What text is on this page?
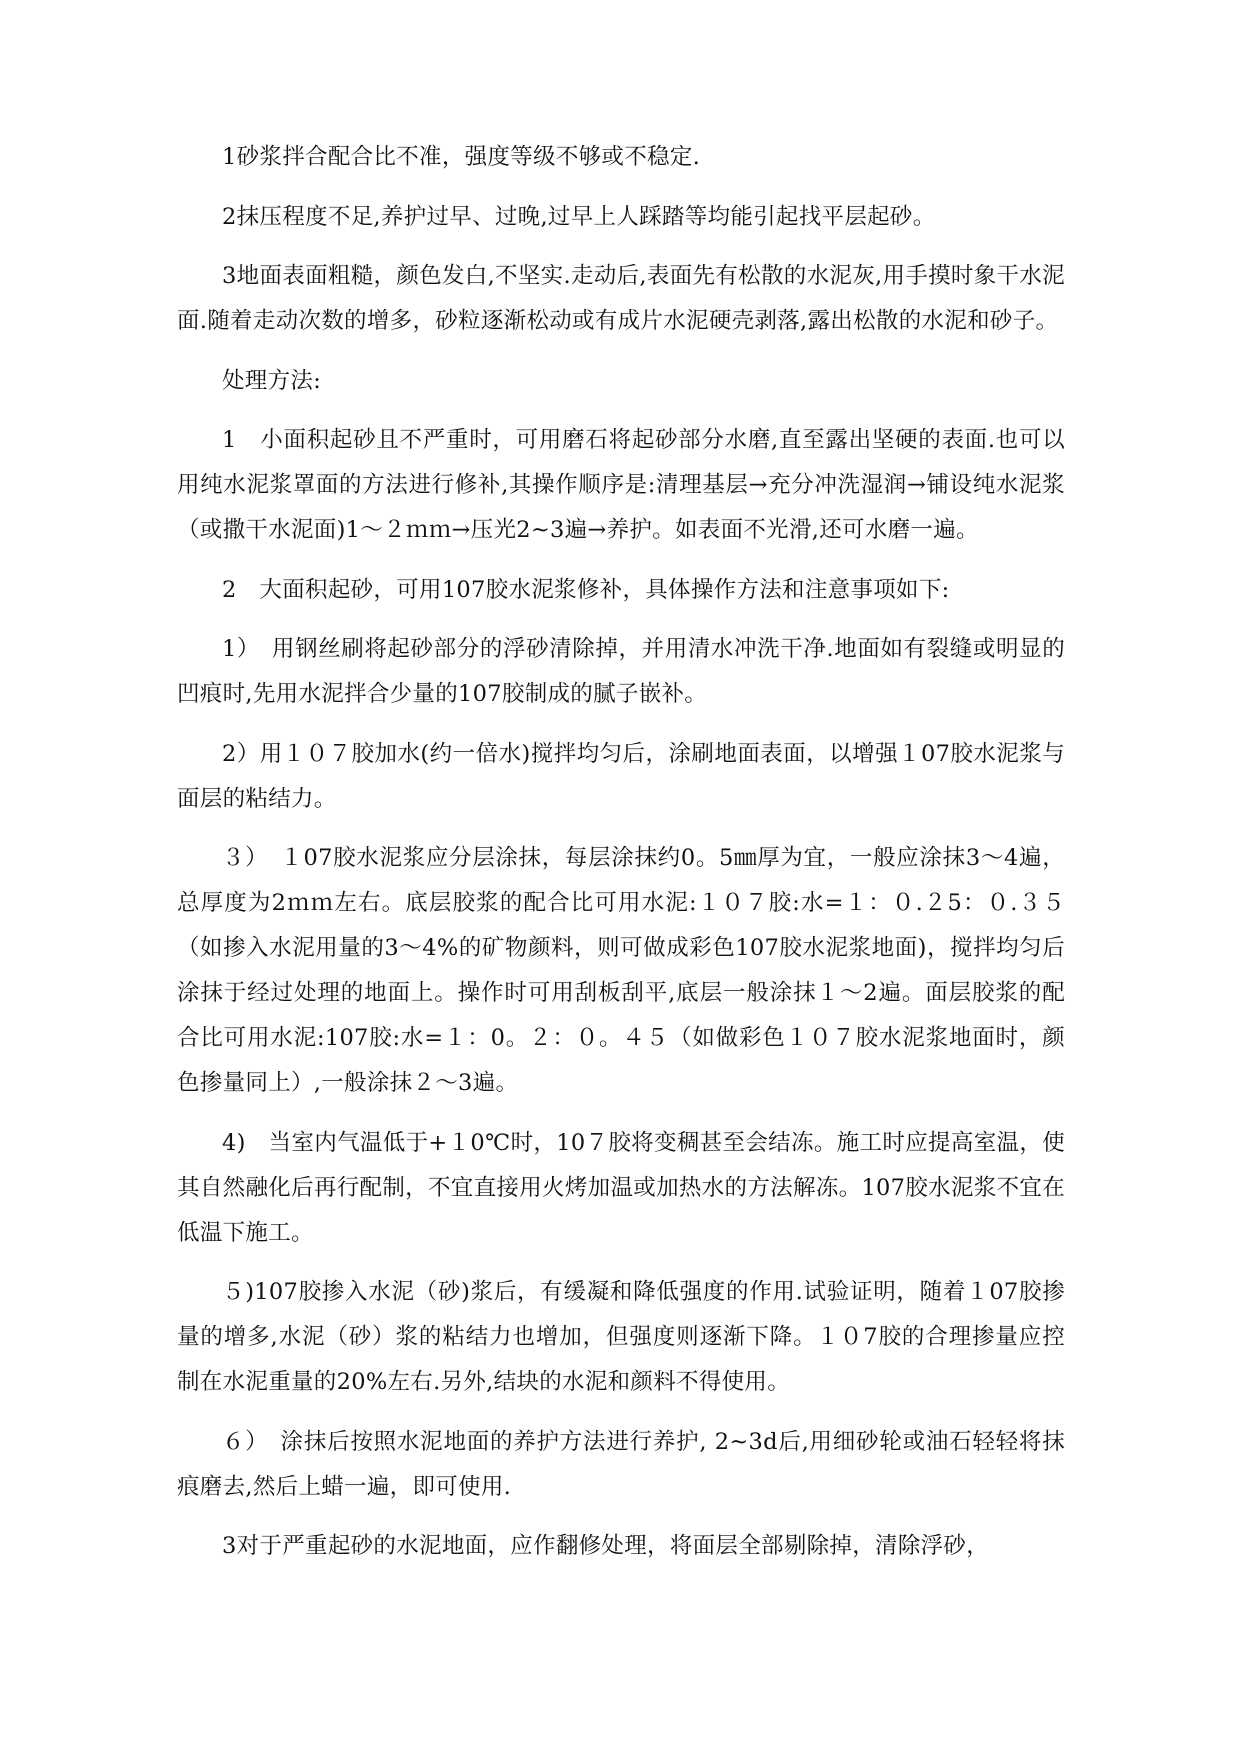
1砂浆拌合配合比不准，强度等级不够或不稳定.

2抹压程度不足,养护过早、过晚,过早上人踩踏等均能引起找平层起砂。

3地面表面粗糙，颜色发白,不坚实.走动后,表面先有松散的水泥灰,用手摸时象干水泥面.随着走动次数的增多，砂粒逐渐松动或有成片水泥硬壳剥落,露出松散的水泥和砂子。

处理方法:

1　小面积起砂且不严重时，可用磨石将起砂部分水磨,直至露出坚硬的表面.也可以用纯水泥浆罩面的方法进行修补,其操作顺序是:清理基层→充分冲洗湿润→铺设纯水泥浆（或撒干水泥面)1～２ｍｍ→压光2~3遍→养护。如表面不光滑,还可水磨一遍。

2　大面积起砂，可用107胶水泥浆修补，具体操作方法和注意事项如下:

1）　用钢丝刷将起砂部分的浮砂清除掉，并用清水冲洗干净.地面如有裂缝或明显的凹痕时,先用水泥拌合少量的107胶制成的腻子嵌补。

2）用１０７胶加水(约一倍水)搅拌均匀后，涂刷地面表面，以增强１07胶水泥浆与面层的粘结力。

３）　１07胶水泥浆应分层涂抹，每层涂抹约0。5㎜厚为宜，一般应涂抹3～4遍，总厚度为2ｍｍ左右。底层胶浆的配合比可用水泥:１０７胶:水=１：０.２5：０.３５（如掺入水泥用量的3～4%的矿物颜料，则可做成彩色107胶水泥浆地面)，搅拌均匀后涂抹于经过处理的地面上。操作时可用刮板刮平,底层一般涂抹１～2遍。面层胶浆的配合比可用水泥:107胶:水=１：0。２：０。４５（如做彩色１０７胶水泥浆地面时，颜色掺量同上）,一般涂抹２～3遍。

4)　当室内气温低于+１0℃时，10７胶将变稠甚至会结冻。施工时应提高室温，使其自然融化后再行配制，不宜直接用火烤加温或加热水的方法解冻。107胶水泥浆不宜在低温下施工。

５)107胶掺入水泥（砂)浆后，有缓凝和降低强度的作用.试验证明，随着１07胶掺量的增多,水泥（砂）浆的粘结力也增加，但强度则逐渐下降。１０7胶的合理掺量应控制在水泥重量的20%左右.另外,结块的水泥和颜料不得使用。

６）　涂抹后按照水泥地面的养护方法进行养护, 2~3d后,用细砂轮或油石轻轻将抹痕磨去,然后上蜡一遍，即可使用.

3对于严重起砂的水泥地面，应作翻修处理，将面层全部剔除掉，清除浮砂，
